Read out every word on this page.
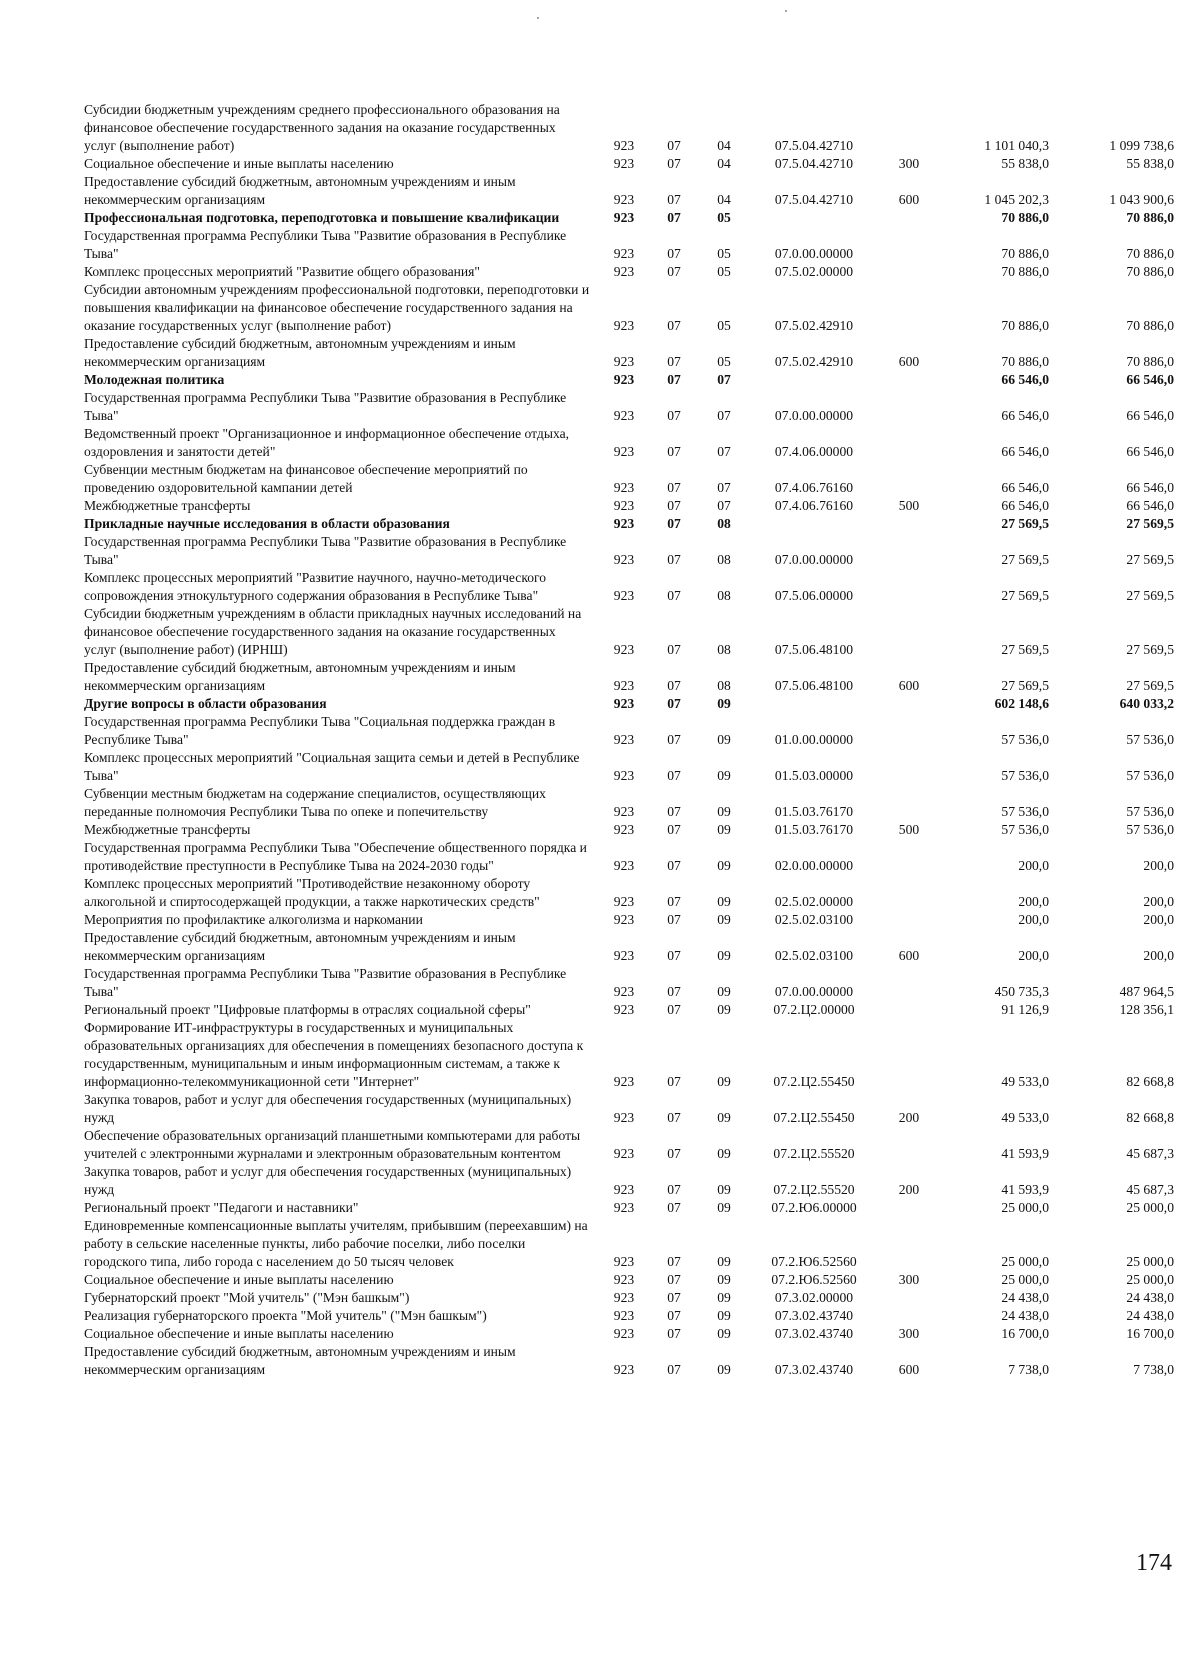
Субсидии бюджетным учреждениям среднего профессионального образования на финансовое обеспечение государственного задания на оказание государственных услуг (выполнение работ)	923	07	04	07.5.04.42710		1 101 040,3	1 099 738,6
Социальное обеспечение и иные выплаты населению	923	07	04	07.5.04.42710	300	55 838,0	55 838,0
Предоставление субсидий бюджетным, автономным учреждениям и иным некоммерческим организациям	923	07	04	07.5.04.42710	600	1 045 202,3	1 043 900,6
Профессиональная подготовка, переподготовка и повышение квалификации	923	07	05			70 886,0	70 886,0
Государственная программа Республики Тыва "Развитие образования в Республике Тыва"	923	07	05	07.0.00.00000		70 886,0	70 886,0
Комплекс процессных мероприятий "Развитие общего образования"	923	07	05	07.5.02.00000		70 886,0	70 886,0
Субсидии автономным учреждениям профессиональной подготовки, переподготовки и повышения квалификации на финансовое обеспечение государственного задания на оказание государственных услуг (выполнение работ)	923	07	05	07.5.02.42910		70 886,0	70 886,0
Предоставление субсидий бюджетным, автономным учреждениям и иным некоммерческим организациям	923	07	05	07.5.02.42910	600	70 886,0	70 886,0
Молодежная политика	923	07	07			66 546,0	66 546,0
Государственная программа Республики Тыва "Развитие образования в Республике Тыва"	923	07	07	07.0.00.00000		66 546,0	66 546,0
Ведомственный проект "Организационное и информационное обеспечение отдыха, оздоровления и занятости детей"	923	07	07	07.4.06.00000		66 546,0	66 546,0
Субвенции местным бюджетам на финансовое обеспечение мероприятий по проведению оздоровительной кампании детей	923	07	07	07.4.06.76160		66 546,0	66 546,0
Межбюджетные трансферты	923	07	07	07.4.06.76160	500	66 546,0	66 546,0
Прикладные научные исследования в области образования	923	07	08			27 569,5	27 569,5
Государственная программа Республики Тыва "Развитие образования в Республике Тыва"	923	07	08	07.0.00.00000		27 569,5	27 569,5
Комплекс процессных мероприятий "Развитие научного, научно-методического сопровождения этнокультурного содержания образования в Республике Тыва"	923	07	08	07.5.06.00000		27 569,5	27 569,5
Субсидии бюджетным учреждениям в области прикладных научных исследований на финансовое обеспечение государственного задания на оказание государственных услуг (выполнение работ) (ИРНШ)	923	07	08	07.5.06.48100		27 569,5	27 569,5
Предоставление субсидий бюджетным, автономным учреждениям и иным некоммерческим организациям	923	07	08	07.5.06.48100	600	27 569,5	27 569,5
Другие вопросы в области образования	923	07	09			602 148,6	640 033,2
Государственная программа Республики Тыва "Социальная поддержка граждан в Республике Тыва"	923	07	09	01.0.00.00000		57 536,0	57 536,0
Комплекс процессных мероприятий "Социальная защита семьи и детей в Республике Тыва"	923	07	09	01.5.03.00000		57 536,0	57 536,0
Субвенции местным бюджетам на содержание специалистов, осуществляющих переданные полномочия Республики Тыва по опеке и попечительству	923	07	09	01.5.03.76170		57 536,0	57 536,0
Межбюджетные трансферты	923	07	09	01.5.03.76170	500	57 536,0	57 536,0
Государственная программа Республики Тыва "Обеспечение общественного порядка и противодействие преступности в Республике Тыва на 2024-2030 годы"	923	07	09	02.0.00.00000		200,0	200,0
Комплекс процессных мероприятий "Противодействие незаконному обороту алкогольной и спиртосодержащей продукции, а также наркотических средств"	923	07	09	02.5.02.00000		200,0	200,0
Мероприятия по профилактике алкоголизма и наркомании	923	07	09	02.5.02.03100		200,0	200,0
Предоставление субсидий бюджетным, автономным учреждениям и иным некоммерческим организациям	923	07	09	02.5.02.03100	600	200,0	200,0
Государственная программа Республики Тыва "Развитие образования в Республике Тыва"	923	07	09	07.0.00.00000		450 735,3	487 964,5
Региональный проект "Цифровые платформы в отраслях социальной сферы"	923	07	09	07.2.Ц2.00000		91 126,9	128 356,1
Формирование ИТ-инфраструктуры в государственных и муниципальных образовательных организациях для обеспечения в помещениях безопасного доступа к государственным, муниципальным и иным информационным системам, а также к информационно-телекоммуникационной сети "Интернет"	923	07	09	07.2.Ц2.55450		49 533,0	82 668,8
Закупка товаров, работ и услуг для обеспечения государственных (муниципальных) нужд	923	07	09	07.2.Ц2.55450	200	49 533,0	82 668,8
Обеспечение образовательных организаций планшетными компьютерами для работы учителей с электронными журналами и электронным образовательным контентом	923	07	09	07.2.Ц2.55520		41 593,9	45 687,3
Закупка товаров, работ и услуг для обеспечения государственных (муниципальных) нужд	923	07	09	07.2.Ц2.55520	200	41 593,9	45 687,3
Региональный проект "Педагоги и наставники"	923	07	09	07.2.Ю6.00000		25 000,0	25 000,0
Единовременные компенсационные выплаты учителям, прибывшим (переехавшим) на работу в сельские населенные пункты, либо рабочие поселки, либо поселки городского типа, либо города с населением до 50 тысяч человек	923	07	09	07.2.Ю6.52560		25 000,0	25 000,0
Социальное обеспечение и иные выплаты населению	923	07	09	07.2.Ю6.52560	300	25 000,0	25 000,0
Губернаторский проект "Мой учитель" ("Мэн башкым")	923	07	09	07.3.02.00000		24 438,0	24 438,0
Реализация губернаторского проекта "Мой учитель" ("Мэн башкым")	923	07	09	07.3.02.43740		24 438,0	24 438,0
Социальное обеспечение и иные выплаты населению	923	07	09	07.3.02.43740	300	16 700,0	16 700,0
Предоставление субсидий бюджетным, автономным учреждениям и иным некоммерческим организациям	923	07	09	07.3.02.43740	600	7 738,0	7 738,0
174
